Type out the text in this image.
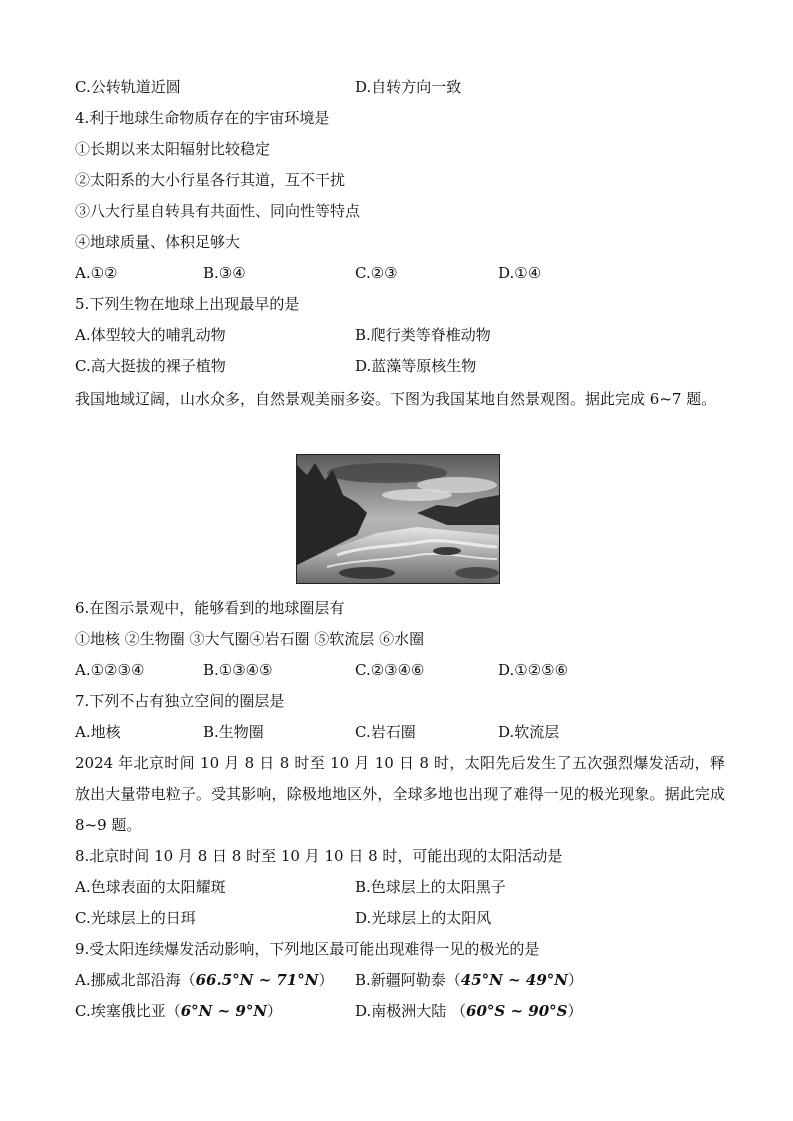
C.公转轨道近圆	D.自转方向一致
4.利于地球生命物质存在的宇宙环境是
①长期以来太阳辐射比较稳定
②太阳系的大小行星各行其道，互不干扰
③八大行星自转具有共面性、同向性等特点
④地球质量、体积足够大
A.①②	B.③④	C.②③	D.①④
5.下列生物在地球上出现最早的是
A.体型较大的哺乳动物	B.爬行类等脊椎动物
C.高大挺拔的裸子植物	D.蓝藻等原核生物
我国地域辽阔，山水众多，自然景观美丽多姿。下图为我国某地自然景观图。据此完成 6~7 题。
6.在图示景观中，能够看到的地球圈层有
①地核 ②生物圈 ③大气圈④岩石圈 ⑤软流层 ⑥水圈
A.①②③④	B.①③④⑤	C.②③④⑥	D.①②⑤⑥
7.下列不占有独立空间的圈层是
A.地核	B.生物圈	C.岩石圈	D.软流层
2024 年北京时间 10 月 8 日 8 时至 10 月 10 日 8 时，太阳先后发生了五次强烈爆发活动，释放出大量带电粒子。受其影响，除极地地区外，全球多地也出现了难得一见的极光现象。据此完成 8~9 题。
8.北京时间 10 月 8 日 8 时至 10 月 10 日 8 时，可能出现的太阳活动是
A.色球表面的太阳耀斑	B.色球层上的太阳黑子
C.光球层上的日珥	D.光球层上的太阳风
9.受太阳连续爆发活动影响，下列地区最可能出现难得一见的极光的是
A.挪威北部沿海（66.5°N ~ 71°N） B.新疆阿勒泰（45°N ~ 49°N）
C.埃塞俄比亚（6°N ~ 9°N）	D.南极洲大陆 （60°S ~ 90°S）
